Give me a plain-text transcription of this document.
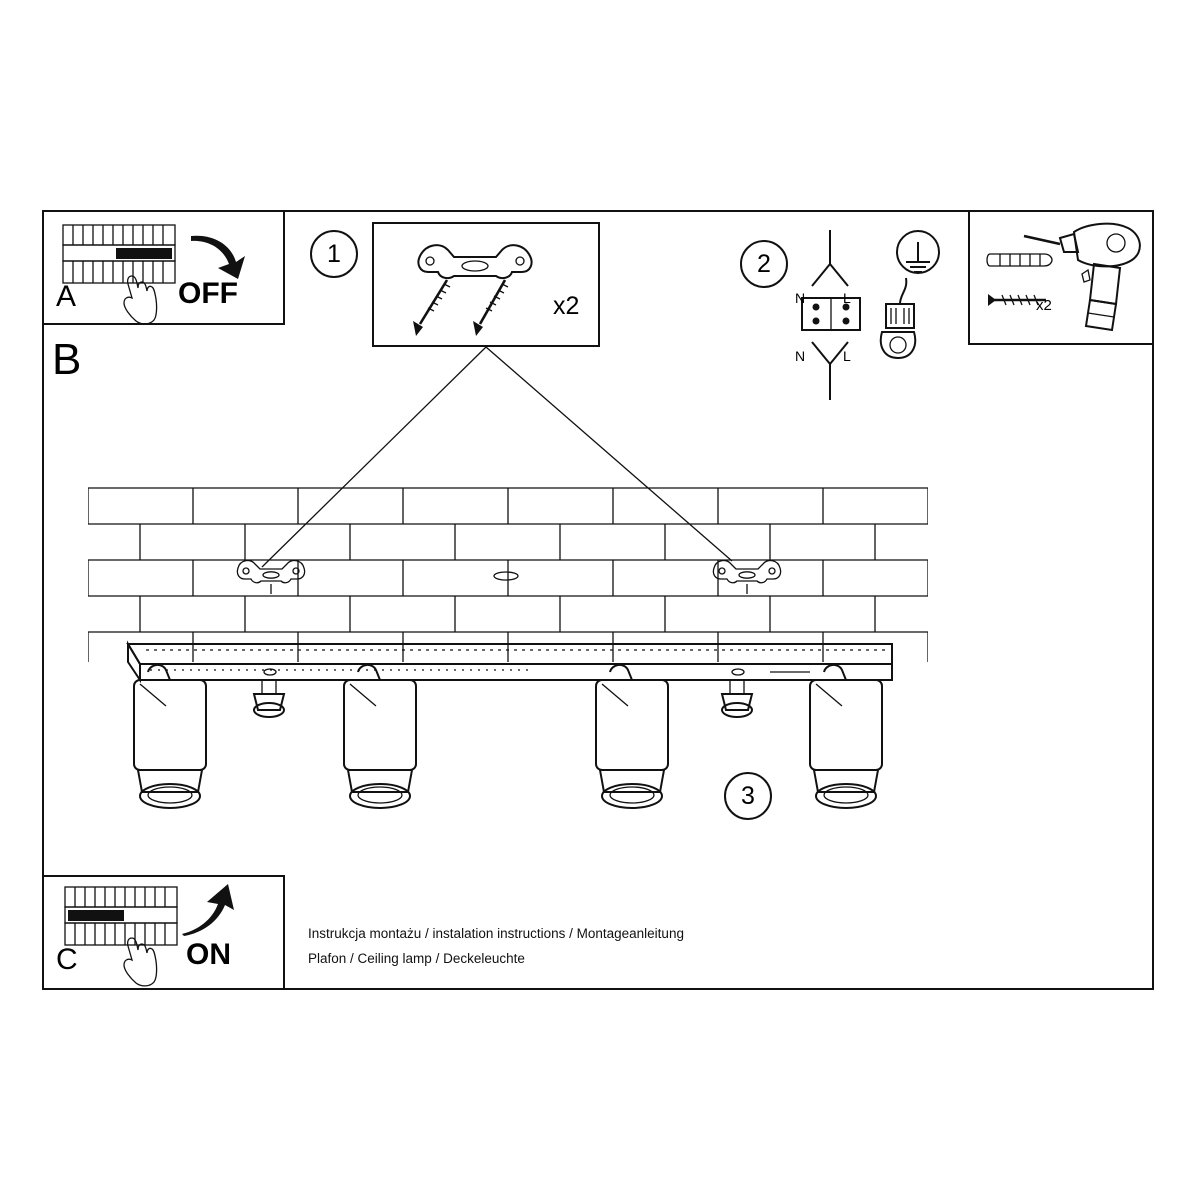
A	OFF
B
1
x2
2
N	L
N	L
x2
3
C	ON
Instrukcja montażu / instalation instructions / Montageanleitung
Plafon / Ceiling lamp / Deckeleuchte
